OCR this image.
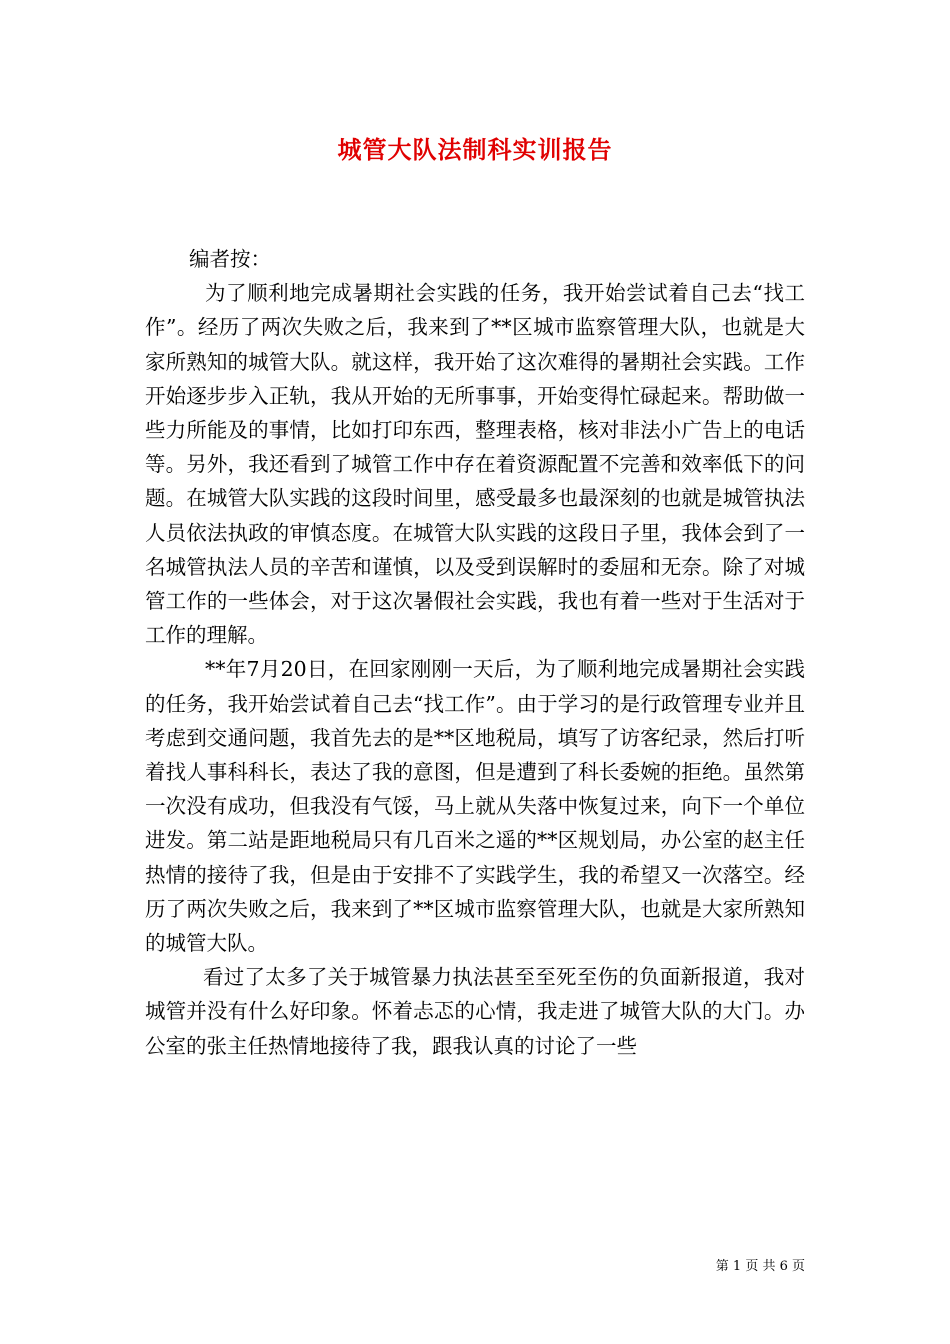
城管大队法制科实训报告

编者按：

为了顺利地完成暑期社会实践的任务，我开始尝试着自己去“找工作”。经历了两次失败之后，我来到了**区城市监察管理大队，也就是大家所熟知的城管大队。就这样，我开始了这次难得的暑期社会实践。工作开始逐步步入正轨，我从开始的无所事事，开始变得忙碌起来。帮助做一些力所能及的事情，比如打印东西，整理表格，核对非法小广告上的电话等。另外，我还看到了城管工作中存在着资源配置不完善和效率低下的问题。在城管大队实践的这段时间里，感受最多也最深刻的也就是城管执法人员依法执政的审慎态度。在城管大队实践的这段日子里，我体会到了一名城管执法人员的辛苦和谨慎，以及受到误解时的委屈和无奈。除了对城管工作的一些体会，对于这次暑假社会实践，我也有着一些对于生活对于工作的理解。

**年7月20日，在回家刚刚一天后，为了顺利地完成暑期社会实践的任务，我开始尝试着自己去“找工作”。由于学习的是行政管理专业并且考虑到交通问题，我首先去的是**区地税局，填写了访客纪录，然后打听着找人事科科长，表达了我的意图，但是遭到了科长委婉的拒绝。虽然第一次没有成功，但我没有气馁，马上就从失落中恢复过来，向下一个单位进发。第二站是距地税局只有几百米之遥的**区规划局，办公室的赵主任热情的接待了我，但是由于安排不了实践学生，我的希望又一次落空。经历了两次失败之后，我来到了**区城市监察管理大队，也就是大家所熟知的城管大队。

看过了太多了关于城管暴力执法甚至至死至伤的负面新报道，我对城管并没有什么好印象。怀着忐忑的心情，我走进了城管大队的大门。办公室的张主任热情地接待了我，跟我认真的讨论了一些

第 1 页 共 6 页
